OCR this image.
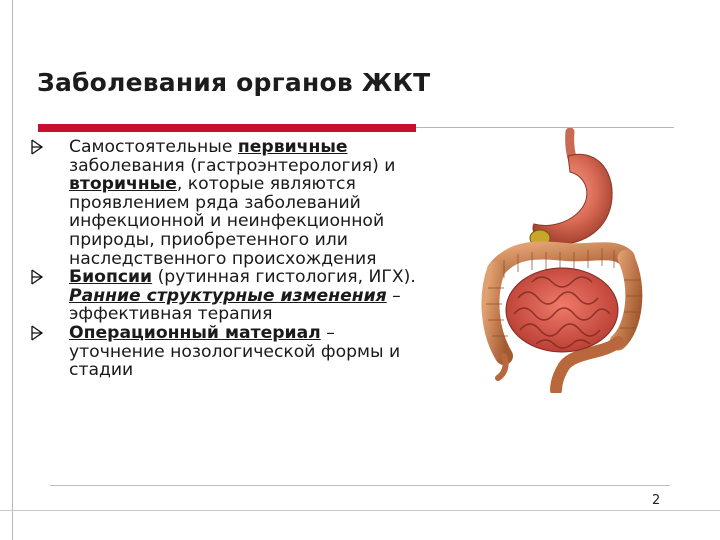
Заболевания органов ЖКТ
Самостоятельные первичные заболевания (гастроэнтерология) и вторичные, которые являются проявлением ряда заболеваний инфекционной и неинфекционной природы, приобретенного или наследственного происхождения
Биопсии (рутинная гистология, ИГХ). Ранние структурные изменения – эффективная терапия
Операционный материал – уточнение нозологической формы и стадии
2
